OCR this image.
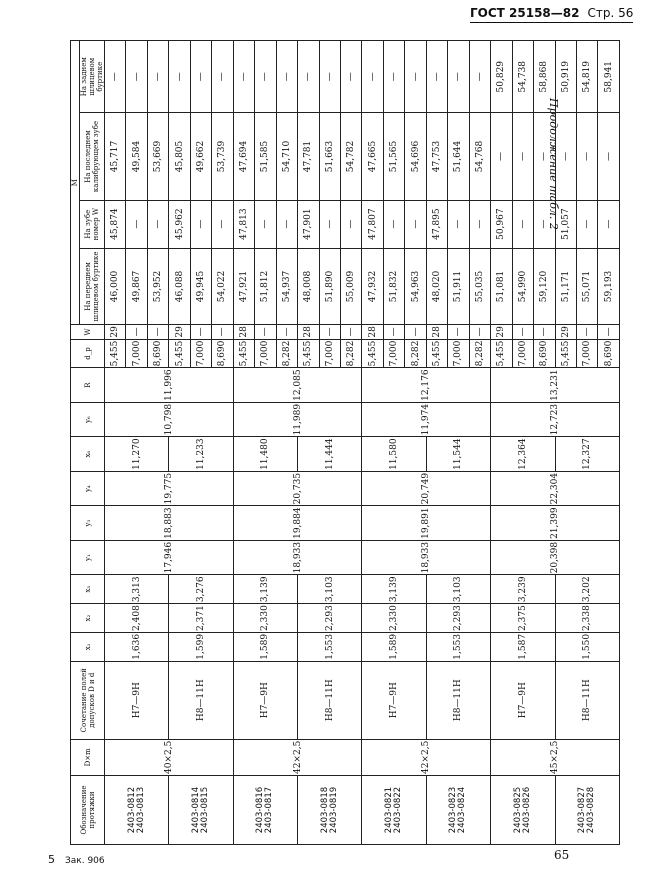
ГОСТ 25158—82 Стр. 56
Продолжение табл. 2
Обозначение протяжки	D×m	Сочетание полей допусков D и d	x₁	x₂	x₃	y₁	y₃	y₄	x₆	y₆	R	d_p	W	M			
														На переднем шлицевом буртике	На зубе номер W	На последнем калибрующем зубе	На заднем шлицевом буртике
2403-0812
2403-0813	40×2,5	H7—9H	1,636	2,408	3,313	17,946	18,883	19,775	11,270	10,798	11,996	5,455	29	46,000	45,874	45,717	—
												7,000	—	49,867	—	49,584	—
												8,690	—	53,952	—	53,669	—
2403-0814
2403-0815		H8—11H	1,599	2,371	3,276				11,233			5,455	29	46,088	45,962	45,805	—
												7,000	—	49,945	—	49,662	—
												8,690	—	54,022	—	53,739	—
2403-0816
2403-0817	42×2,5	H7—9H	1,589	2,330	3,139	18,933	19,884	20,735	11,480	11,989	12,085	5,455	28	47,921	47,813	47,694	—
												7,000	—	51,812	—	51,585	—
												8,282	—	54,937	—	54,710	—
2403-0818
2403-0819		H8—11H	1,553	2,293	3,103				11,444			5,455	28	48,008	47,901	47,781	—
												7,000	—	51,890	—	51,663	—
												8,282	—	55,009	—	54,782	—
2403-0821
2403-0822	42×2,5	H7—9H	1,589	2,330	3,139	18,933	19,891	20,749	11,580	11,974	12,176	5,455	28	47,932	47,807	47,665	—
												7,000	—	51,832	—	51,565	—
												8,282	—	54,963	—	54,696	—
2403-0823
2403-0824		H8—11H	1,553	2,293	3,103				11,544			5,455	28	48,020	47,895	47,753	—
												7,000	—	51,911	—	51,644	—
												8,282	—	55,035	—	54,768	—
2403-0825
2403-0826	45×2,5	H7—9H	1,587	2,375	3,239	20,398	21,399	22,304	12,364	12,723	13,231	5,455	29	51,081	50,967	—	50,829
												7,000	—	54,990	—	—	54,738
												8,690	—	59,120	—	—	58,868
2403-0827
2403-0828		H8—11H	1,550	2,338	3,202				12,327			5,455	29	51,171	51,057	—	50,919
												7,000	—	55,071	—	—	54,819
												8,690	—	59,193	—	—	58,941
5 Зак. 906	65
